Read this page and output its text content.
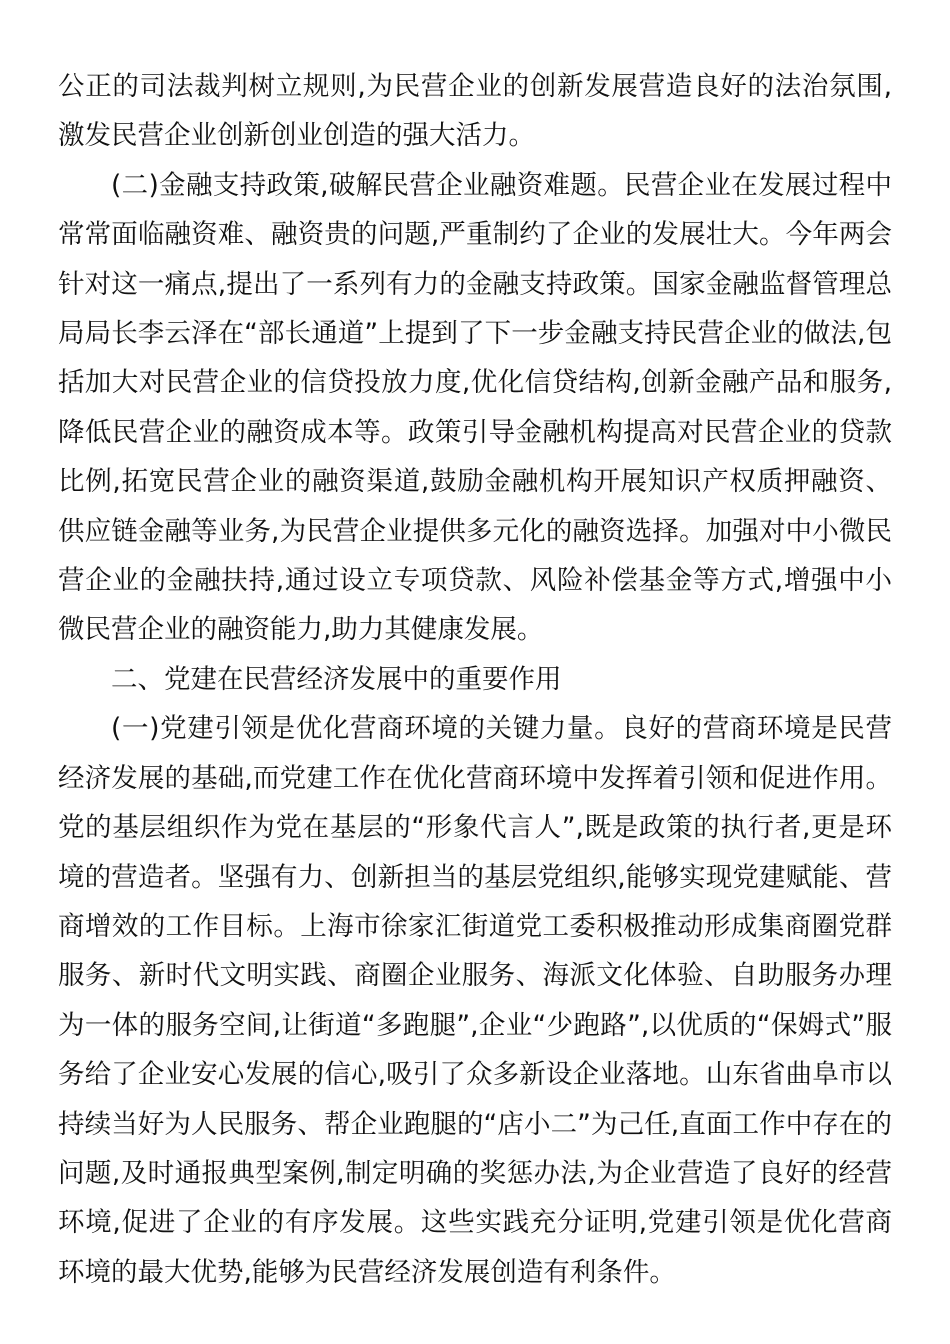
公正的司法裁判树立规则,为民营企业的创新发展营造良好的法治氛围,激发民营企业创新创业创造的强大活力。

(二)金融支持政策,破解民营企业融资难题。民营企业在发展过程中常常面临融资难、融资贵的问题,严重制约了企业的发展壮大。今年两会针对这一痛点,提出了一系列有力的金融支持政策。国家金融监督管理总局局长李云泽在“部长通道”上提到了下一步金融支持民营企业的做法,包括加大对民营企业的信贷投放力度,优化信贷结构,创新金融产品和服务,降低民营企业的融资成本等。政策引导金融机构提高对民营企业的贷款比例,拓宽民营企业的融资渠道,鼓励金融机构开展知识产权质押融资、供应链金融等业务,为民营企业提供多元化的融资选择。加强对中小微民营企业的金融扶持,通过设立专项贷款、风险补偿基金等方式,增强中小微民营企业的融资能力,助力其健康发展。

二、党建在民营经济发展中的重要作用

(一)党建引领是优化营商环境的关键力量。良好的营商环境是民营经济发展的基础,而党建工作在优化营商环境中发挥着引领和促进作用。党的基层组织作为党在基层的“形象代言人”,既是政策的执行者,更是环境的营造者。坚强有力、创新担当的基层党组织,能够实现党建赋能、营商增效的工作目标。上海市徐家汇街道党工委积极推动形成集商圈党群服务、新时代文明实践、商圈企业服务、海派文化体验、自助服务办理为一体的服务空间,让街道“多跑腿”,企业“少跑路”,以优质的“保姆式”服务给了企业安心发展的信心,吸引了众多新设企业落地。山东省曲阜市以持续当好为人民服务、帮企业跑腿的“店小二”为己任,直面工作中存在的问题,及时通报典型案例,制定明确的奖惩办法,为企业营造了良好的经营环境,促进了企业的有序发展。这些实践充分证明,党建引领是优化营商环境的最大优势,能够为民营经济发展创造有利条件。
